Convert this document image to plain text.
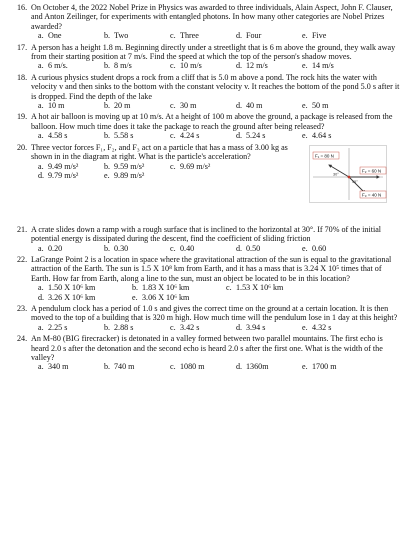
16. On October 4, the 2022 Nobel Prize in Physics was awarded to three individuals, Alain Aspect, John F. Clauser, and Anton Zeilinger, for experiments with entangled photons. In how many other categories are Nobel Prizes awarded?
a. One	b. Two	c. Three	d. Four	e. Five
17. A person has a height 1.8 m. Beginning directly under a streetlight that is 6 m above the ground, they walk away from their starting position at 7 m/s. Find the speed at which the top of the person's shadow moves.
a. 6 m/s.	b. 8 m/s	c. 10 m/s	d. 12 m/s	e. 14 m/s
18. A curious physics student drops a rock from a cliff that is 5.0 m above a pond. The rock hits the water with velocity v and then sinks to the bottom with the constant velocity v. It reaches the bottom of the pond 5.0 s after it is dropped. Find the depth of the lake
a. 10 m	b. 20 m	c. 30 m	d. 40 m	e. 50 m
19. A hot air balloon is moving up at 10 m/s. At a height of 100 m above the ground, a package is released from the balloon. How much time does it take the package to reach the ground after being released?
a. 4.58 s	b. 5.58 s	c. 4.24 s	d. 5.24 s	e. 4.64 s
20. Three vector forces F₁, F₂, and F₃ act on a particle that has a mass of 3.00 kg as shown in in the diagram at right. What is the particle's acceleration?
a. 9.49 m/s²	b. 9.59 m/s²	c. 9.69 m/s²
d. 9.79 m/s²	e. 9.89 m/s²
F₁ = 80 N
F₂ = 60 N
F₃ = 40 N
30°
45°
21. A crate slides down a ramp with a rough surface that is inclined to the horizontal at 30°. If 70% of the initial potential energy is dissipated during the descent, find the coefficient of sliding friction
a. 0.20	b. 0.30	c. 0.40	d. 0.50	e. 0.60
22. LaGrange Point 2 is a location in space where the gravitational attraction of the sun is equal to the gravitational attraction of the Earth. The sun is 1.5 X 10⁸ km from Earth, and it has a mass that is 3.24 X 10⁵ times that of Earth. How far from Earth, along a line to the sun, must an object be located to be in this location?
a. 1.50 X 10⁶ km	b. 1.83 X 10⁶ km	c. 1.53 X 10⁶ km
d. 3.26 X 10⁶ km	e. 3.06 X 10⁶ km
23. A pendulum clock has a period of 1.0 s and gives the correct time on the ground at a certain location. It is then moved to the top of a building that is 320 m high. How much time will the pendulum lose in 1 day at this height?
a. 2.25 s	b. 2.88 s	c. 3.42 s	d. 3.94 s	e. 4.32 s
24. An M-80 (BIG firecracker) is detonated in a valley formed between two parallel mountains. The first echo is heard 2.0 s after the detonation and the second echo is heard 2.0 s after the first one. What is the width of the valley?
a. 340 m	b. 740 m	c. 1080 m	d. 1360m	e. 1700 m
